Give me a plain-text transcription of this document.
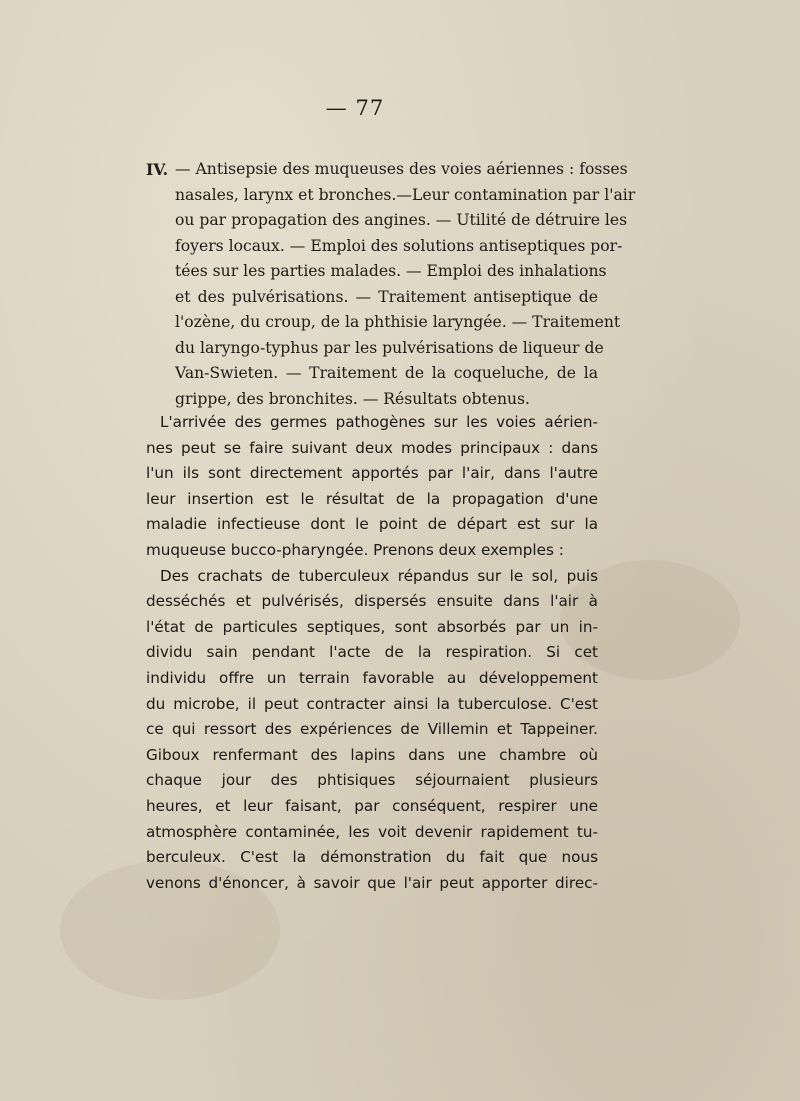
— 77
IV. — Antisepsie des muqueuses des voies aériennes : fosses
nasales, larynx et bronches.—Leur contamination par l'air
ou par propagation des angines. — Utilité de détruire les
foyers locaux. — Emploi des solutions antiseptiques por-
tées sur les parties malades. — Emploi des inhalations
et des pulvérisations. — Traitement antiseptique de
l'ozène, du croup, de la phthisie laryngée. — Traitement
du laryngo-typhus par les pulvérisations de liqueur de
Van-Swieten. — Traitement de la coqueluche, de la
grippe, des bronchites. — Résultats obtenus.
L'arrivée des germes pathogènes sur les voies aérien-
nes peut se faire suivant deux modes principaux : dans
l'un ils sont directement apportés par l'air, dans l'autre
leur insertion est le résultat de la propagation d'une
maladie infectieuse dont le point de départ est sur la
muqueuse bucco-pharyngée. Prenons deux exemples :
Des crachats de tuberculeux répandus sur le sol, puis
desséchés et pulvérisés, dispersés ensuite dans l'air à
l'état de particules septiques, sont absorbés par un in-
dividu sain pendant l'acte de la respiration. Si cet
individu offre un terrain favorable au développement
du microbe, il peut contracter ainsi la tuberculose. C'est
ce qui ressort des expériences de Villemin et Tappeiner.
Giboux renfermant des lapins dans une chambre où
chaque jour des phtisiques séjournaient plusieurs
heures, et leur faisant, par conséquent, respirer une
atmosphère contaminée, les voit devenir rapidement tu-
berculeux. C'est la démonstration du fait que nous
venons d'énoncer, à savoir que l'air peut apporter direc-
